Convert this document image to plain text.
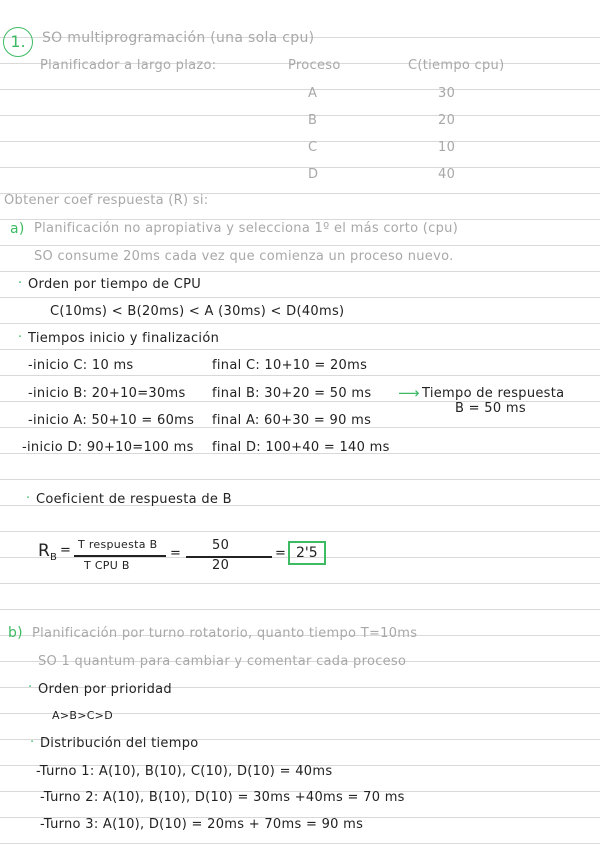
1.	SO multiprogramación (una sola cpu)
Planificador a largo plazo:	Proceso	C(tiempo cpu)
A	30
B	20
C	10
D	40
Obtener coef respuesta (R) si:
a) Planificación no apropiativa y selecciona 1º el más corto (cpu)
SO consume 20ms cada vez que comienza un proceso nuevo.
· Orden por tiempo de CPU
C(10ms) < B(20ms) < A (30ms) < D(40ms)
· Tiempos inicio y finalización
-inicio C: 10 ms	final C: 10+10 = 20ms
-inicio B: 20+10=30ms final B: 30+20 = 50 ms ⟶ Tiempo de respuesta
B = 50 ms
-inicio A: 50+10 = 60ms final A: 60+30 = 90 ms
-inicio D: 90+10=100 ms final D: 100+40 = 140 ms
· Coeficient de respuesta de B
R B = T respuesta B
T CPU B
=
50
20
= 2'5
b) Planificación por turno rotatorio, quanto tiempo T=10ms
SO 1 quantum para cambiar y comentar cada proceso
· Orden por prioridad
A>B>C>D
· Distribución del tiempo
-Turno 1: A(10), B(10), C(10), D(10) = 40ms
-Turno 2: A(10), B(10), D(10) = 30ms +40ms = 70 ms
-Turno 3: A(10), D(10) = 20ms + 70ms = 90 ms
